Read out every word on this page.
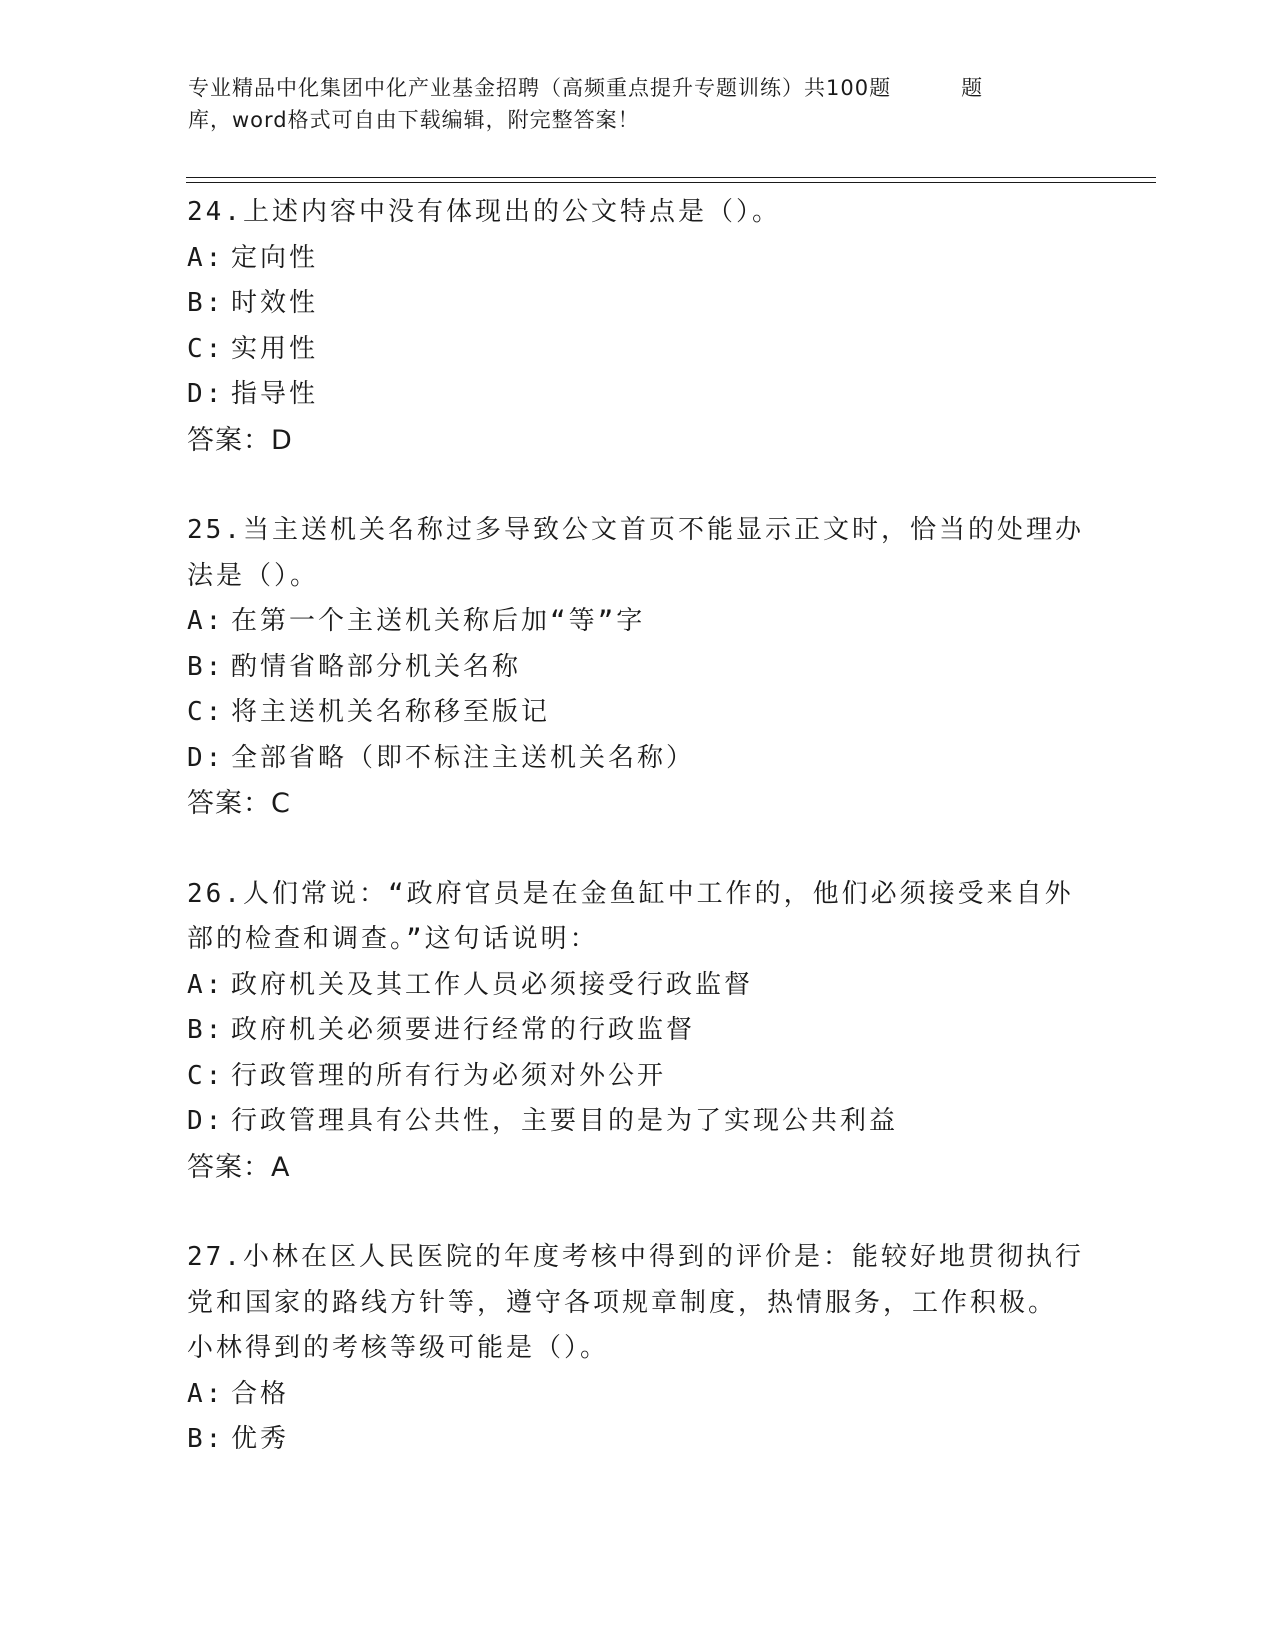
专业精品中化集团中化产业基金招聘（高频重点提升专题训练）共100题	题
库，word格式可自由下载编辑，附完整答案！

24.上述内容中没有体现出的公文特点是（）。

A: 定向性

B: 时效性

C: 实用性

D: 指导性

答案：D

25.当主送机关名称过多导致公文首页不能显示正文时，恰当的处理办

法是（）。

A: 在第一个主送机关称后加“等”字

B: 酌情省略部分机关名称

C: 将主送机关名称移至版记

D: 全部省略（即不标注主送机关名称）

答案：C

26.人们常说：“政府官员是在金鱼缸中工作的，他们必须接受来自外

部的检查和调查。”这句话说明：

A: 政府机关及其工作人员必须接受行政监督

B: 政府机关必须要进行经常的行政监督

C: 行政管理的所有行为必须对外公开

D: 行政管理具有公共性，主要目的是为了实现公共利益

答案：A

27.小林在区人民医院的年度考核中得到的评价是：能较好地贯彻执行

党和国家的路线方针等，遵守各项规章制度，热情服务，工作积极。

小林得到的考核等级可能是（）。

A: 合格

B: 优秀
